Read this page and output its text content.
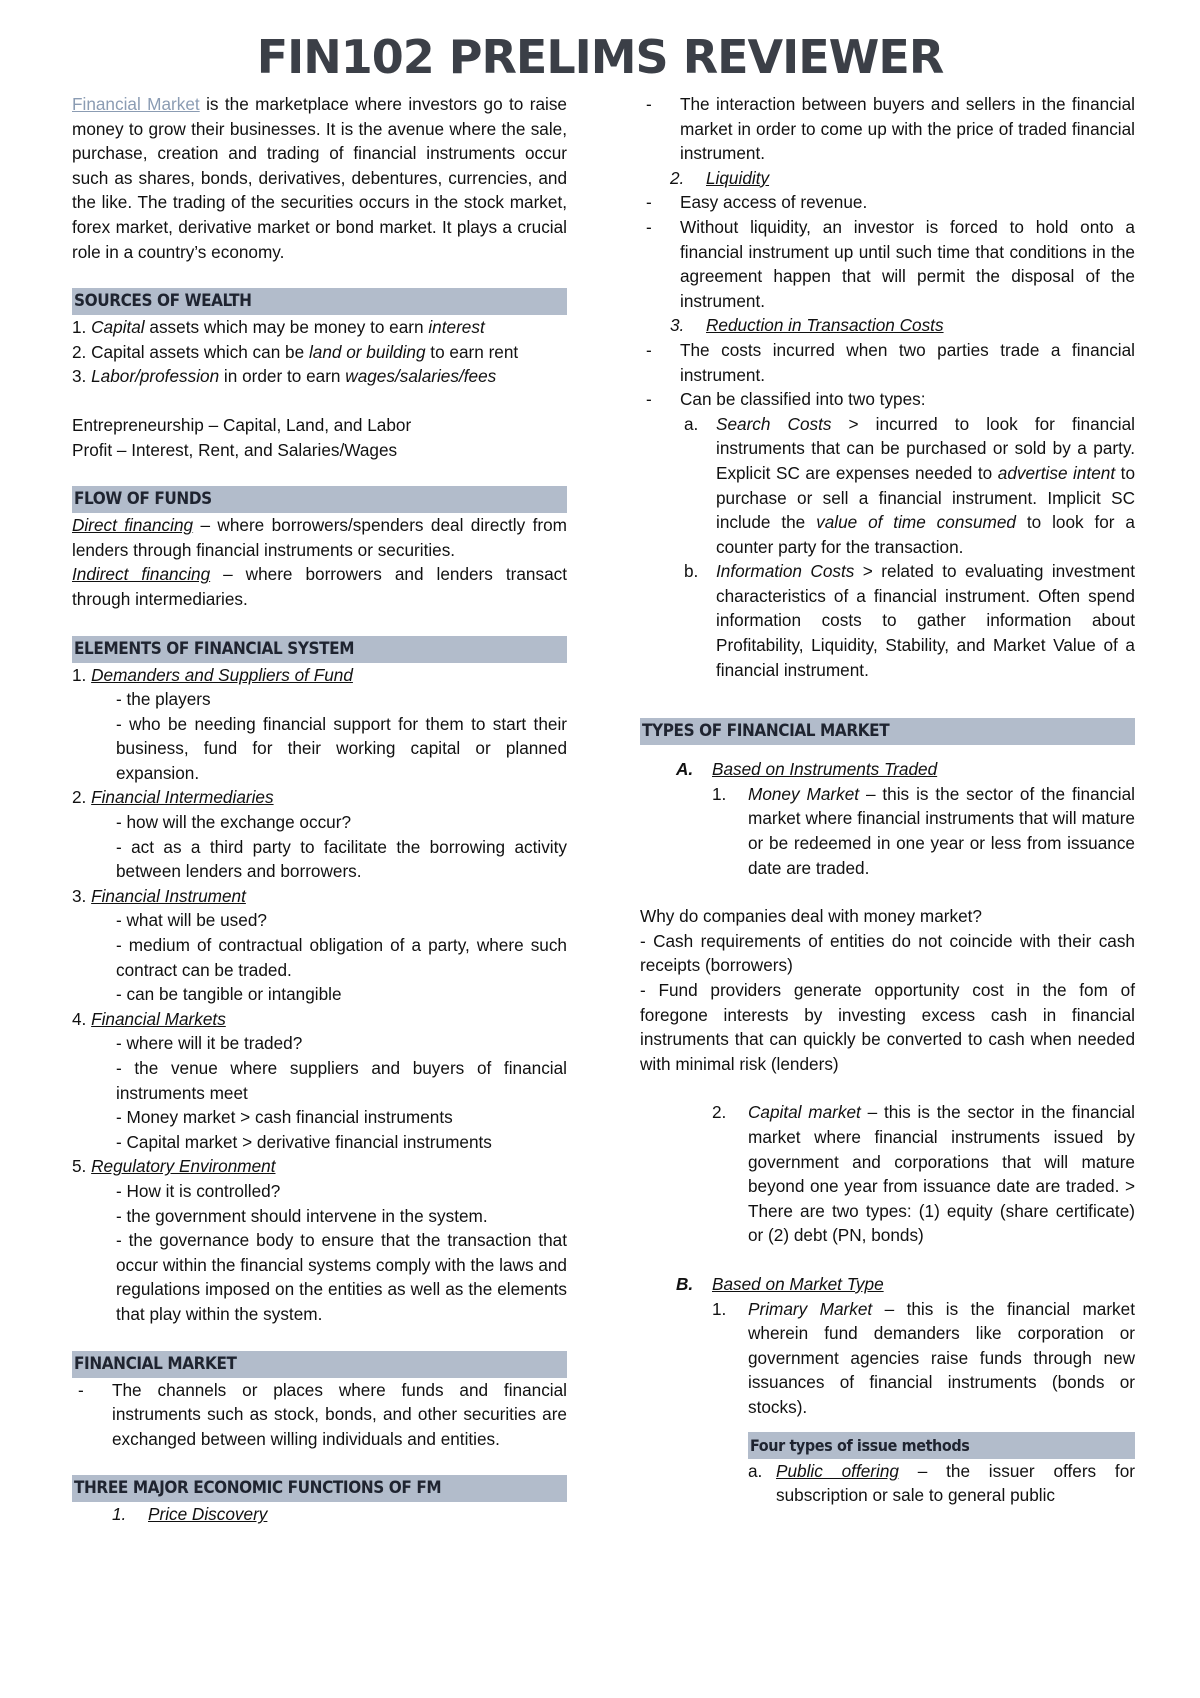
FIN102 PRELIMS REVIEWER

Financial Market is the marketplace where investors go to raise money to grow their businesses. It is the avenue where the sale, purchase, creation and trading of financial instruments occur such as shares, bonds, derivatives, debentures, currencies, and the like. The trading of the securities occurs in the stock market, forex market, derivative market or bond market. It plays a crucial role in a country’s economy.

SOURCES OF WEALTH

1. Capital assets which may be money to earn interest

2. Capital assets which can be land or building to earn rent

3. Labor/profession in order to earn wages/salaries/fees

Entrepreneurship – Capital, Land, and Labor

Profit – Interest, Rent, and Salaries/Wages

FLOW OF FUNDS

Direct financing – where borrowers/spenders deal directly from lenders through financial instruments or securities.

Indirect financing – where borrowers and lenders transact through intermediaries.

ELEMENTS OF FINANCIAL SYSTEM

1. Demanders and Suppliers of Fund

- the players

- who be needing financial support for them to start their business, fund for their working capital or planned expansion.

2. Financial Intermediaries

- how will the exchange occur?

- act as a third party to facilitate the borrowing activity between lenders and borrowers.

3. Financial Instrument

- what will be used?

- medium of contractual obligation of a party, where such contract can be traded.

- can be tangible or intangible

4. Financial Markets

- where will it be traded?

- the venue where suppliers and buyers of financial instruments meet

- Money market > cash financial instruments

- Capital market > derivative financial instruments

5. Regulatory Environment

- How it is controlled?

- the government should intervene in the system.

- the governance body to ensure that the transaction that occur within the financial systems comply with the laws and regulations imposed on the entities as well as the elements that play within the system.

FINANCIAL MARKET
-	The channels or places where funds and financial instruments such as stock, bonds, and other securities are exchanged between willing individuals and entities.
THREE MAJOR ECONOMIC FUNCTIONS OF FM
1.	Price Discovery
-	The interaction between buyers and sellers in the financial market in order to come up with the price of traded financial instrument.
2.	Liquidity
-	Easy access of revenue.
-	Without liquidity, an investor is forced to hold onto a financial instrument up until such time that conditions in the agreement happen that will permit the disposal of the instrument.
3.	Reduction in Transaction Costs
-	The costs incurred when two parties trade a financial instrument.
-	Can be classified into two types:
a.	Search Costs > incurred to look for financial instruments that can be purchased or sold by a party. Explicit SC are expenses needed to advertise intent to purchase or sell a financial instrument. Implicit SC include the value of time consumed to look for a counter party for the transaction.
b.	Information Costs > related to evaluating investment characteristics of a financial instrument. Often spend information costs to gather information about Profitability, Liquidity, Stability, and Market Value of a financial instrument.
TYPES OF FINANCIAL MARKET
A.	Based on Instruments Traded
1.	Money Market – this is the sector of the financial market where financial instruments that will mature or be redeemed in one year or less from issuance date are traded.

Why do companies deal with money market?

- Cash requirements of entities do not coincide with their cash receipts (borrowers)

- Fund providers generate opportunity cost in the fom of foregone interests by investing excess cash in financial instruments that can quickly be converted to cash when needed with minimal risk (lenders)

2.	Capital market – this is the sector in the financial market where financial instruments issued by government and corporations that will mature beyond one year from issuance date are traded. > There are two types: (1) equity (share certificate) or (2) debt (PN, bonds)
B.	Based on Market Type
1.	Primary Market – this is the financial market wherein fund demanders like corporation or government agencies raise funds through new issuances of financial instruments (bonds or stocks).
Four types of issue methods
a. Public offering – the issuer offers for subscription or sale to general public
